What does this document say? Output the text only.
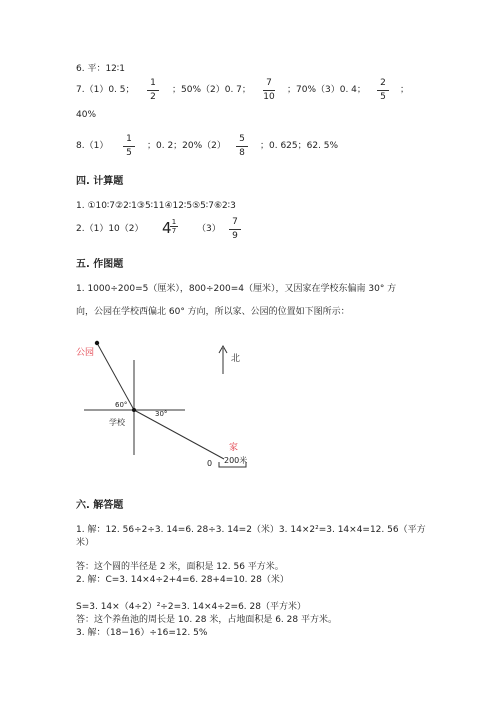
6. 平：12∶1
7.（1）0. 5；
1
2
；50%（2）0. 7；
7
10
；70%（3）0. 4；
2
5
；
40%
8.（1）
1
5
；0. 2；20%（2）
5
8
；0. 625；62. 5%
四. 计算题
1. ①10∶7②2∶1③5∶11④12∶5⑤5∶7⑥2∶3
2.（1）10（2） 4 1
7 （3）
7
9
五. 作图题
1. 1000÷200=5（厘米），800÷200=4（厘米），又因家在学校东偏南 30° 方
向，公园在学校西偏北 60° 方向，所以家、公园的位置如下图所示：
公园
北
60°
30°
学校
家
0 200米
六. 解答题
1. 解：12. 56÷2÷3. 14=6. 28÷3. 14=2（米）3. 14×2²=3. 14×4=12. 56（平方
米）
答：这个圆的半径是 2 米，面积是 12. 56 平方米。
2. 解：C=3. 14×4÷2+4=6. 28+4=10. 28（米）
S=3. 14×（4÷2）²÷2=3. 14×4÷2=6. 28（平方米）
答：这个养鱼池的周长是 10. 28 米，占地面积是 6. 28 平方米。
3. 解：（18−16）÷16=12. 5%
